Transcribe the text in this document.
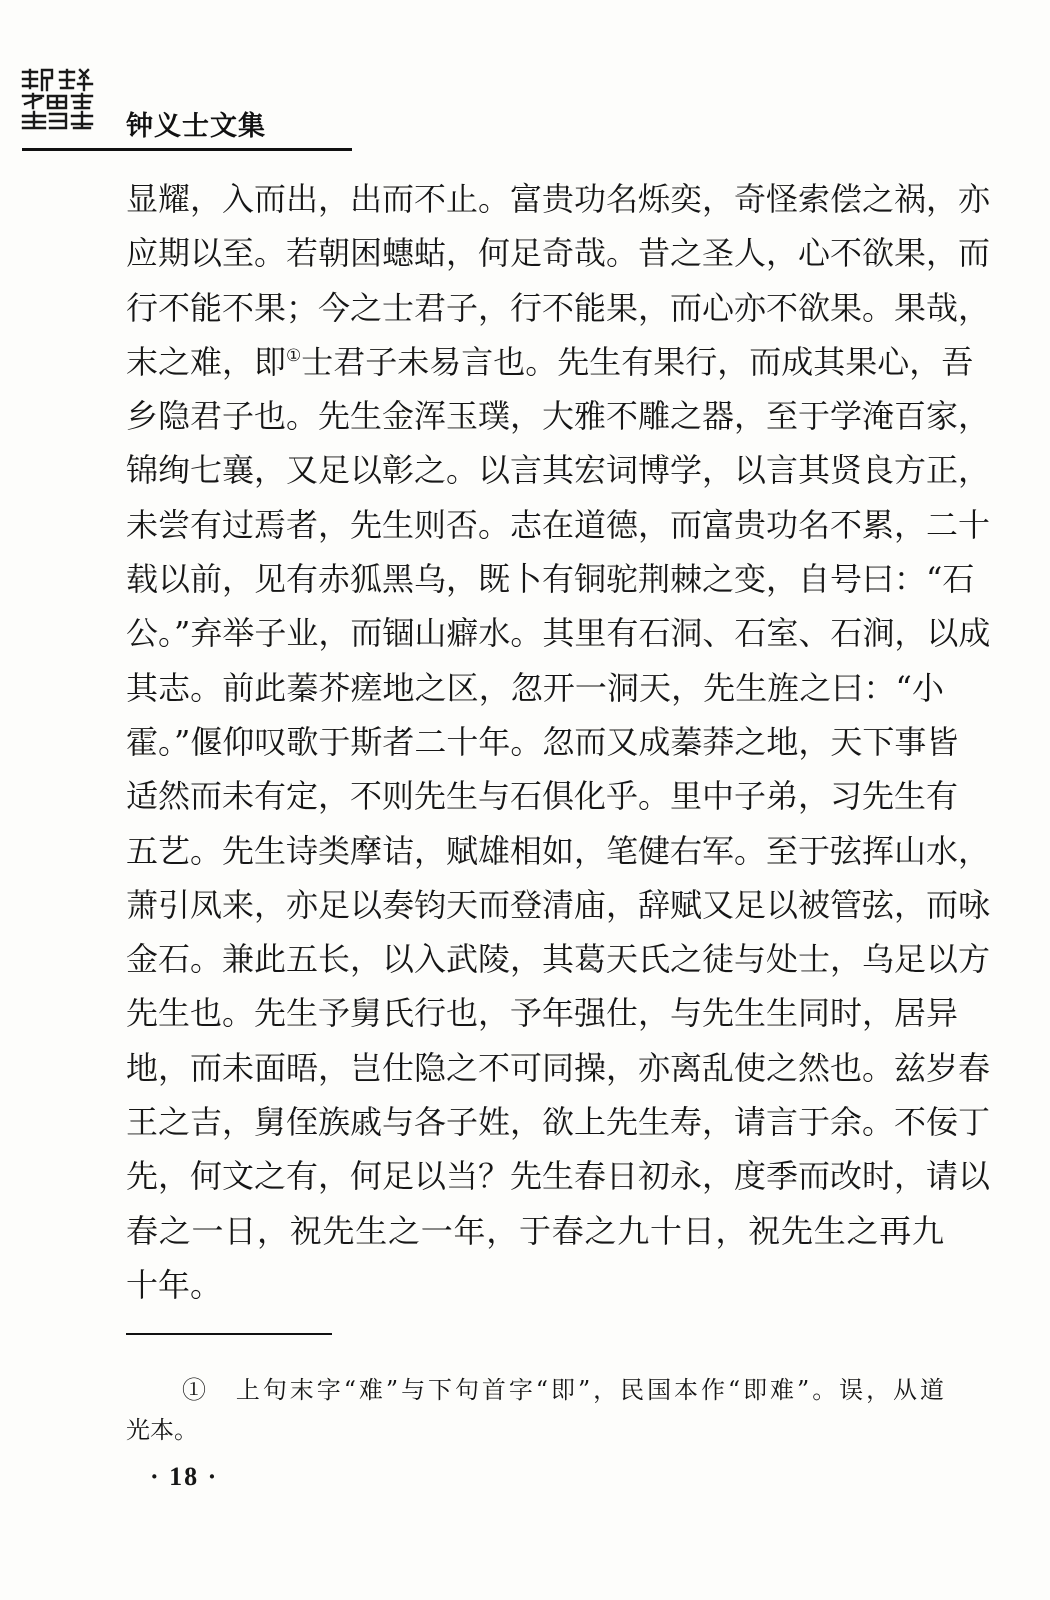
钟义士文集
显耀，入而出，出而不止。富贵功名烁奕，奇怪索偿之祸，亦
应期以至。若朝困蟪蛄，何足奇哉。昔之圣人，心不欲果，而
行不能不果；今之士君子，行不能果，而心亦不欲果。果哉，
末之难，即①士君子未易言也。先生有果行，而成其果心，吾
乡隐君子也。先生金浑玉璞，大雅不雕之器，至于学淹百家，
锦绚七襄，又足以彰之。以言其宏词博学，以言其贤良方正，
未尝有过焉者，先生则否。志在道德，而富贵功名不累，二十
载以前，见有赤狐黑乌，既卜有铜驼荆棘之变，自号曰：“石
公。”弃举子业，而锢山癖水。其里有石洞、石室、石涧，以成
其志。前此蓁芥瘥地之区，忽开一洞天，先生旌之曰：“小
霍。”偃仰叹歌于斯者二十年。忽而又成蓁莽之地，天下事皆
适然而未有定，不则先生与石俱化乎。里中子弟，习先生有
五艺。先生诗类摩诘，赋雄相如，笔健右军。至于弦挥山水，
萧引凤来，亦足以奏钧天而登清庙，辞赋又足以被管弦，而咏
金石。兼此五长，以入武陵，其葛天氏之徒与处士，乌足以方
先生也。先生予舅氏行也，予年强仕，与先生生同时，居异
地，而未面晤，岂仕隐之不可同操，亦离乱使之然也。兹岁春
王之吉，舅侄族戚与各子姓，欲上先生寿，请言于余。不佞丁
先，何文之有，何足以当？先生春日初永，度季而改时，请以
春之一日，祝先生之一年，于春之九十日，祝先生之再九
十年。
①　 上句末字“难”与下句首字“即”，民国本作“即难”。误，从道
光本。
· 18 ·
